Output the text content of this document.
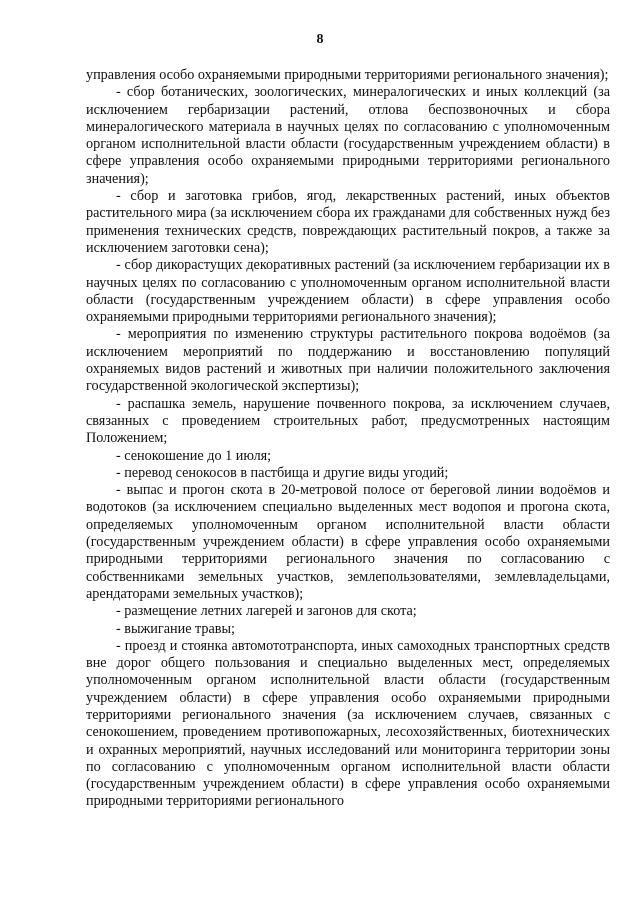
8

управления особо охраняемыми природными территориями регионального значения);

- сбор ботанических, зоологических, минералогических и иных коллекций (за исключением гербаризации растений, отлова беспозвоночных и сбора минералогического материала в научных целях по согласованию с уполномоченным органом исполнительной власти области (государственным учреждением области) в сфере управления особо охраняемыми природными территориями регионального значения);

- сбор и заготовка грибов, ягод, лекарственных растений, иных объектов растительного мира (за исключением сбора их гражданами для собственных нужд без применения технических средств, повреждающих растительный покров, а также за исключением заготовки сена);

- сбор дикорастущих декоративных растений (за исключением гербаризации их в научных целях по согласованию с уполномоченным органом исполнительной власти области (государственным учреждением области) в сфере управления особо охраняемыми природными территориями регионального значения);

- мероприятия по изменению структуры растительного покрова водоёмов (за исключением мероприятий по поддержанию и восстановлению популяций охраняемых видов растений и животных при наличии положительного заключения государственной экологической экспертизы);

- распашка земель, нарушение почвенного покрова, за исключением случаев, связанных с проведением строительных работ, предусмотренных настоящим Положением;

- сенокошение до 1 июля;

- перевод сенокосов в пастбища и другие виды угодий;

- выпас и прогон скота в 20-метровой полосе от береговой линии водоёмов и водотоков (за исключением специально выделенных мест водопоя и прогона скота, определяемых уполномоченным органом исполнительной власти области (государственным учреждением области) в сфере управления особо охраняемыми природными территориями регионального значения по согласованию с собственниками земельных участков, землепользователями, землевладельцами, арендаторами земельных участков);

- размещение летних лагерей и загонов для скота;

- выжигание травы;

- проезд и стоянка автомототранспорта, иных самоходных транспортных средств вне дорог общего пользования и специально выделенных мест, определяемых уполномоченным органом исполнительной власти области (государственным учреждением области) в сфере управления особо охраняемыми природными территориями регионального значения (за исключением случаев, связанных с сенокошением, проведением противопожарных, лесохозяйственных, биотехнических и охранных мероприятий, научных исследований или мониторинга территории зоны по согласованию с уполномоченным органом исполнительной власти области (государственным учреждением области) в сфере управления особо охраняемыми природными территориями регионального
